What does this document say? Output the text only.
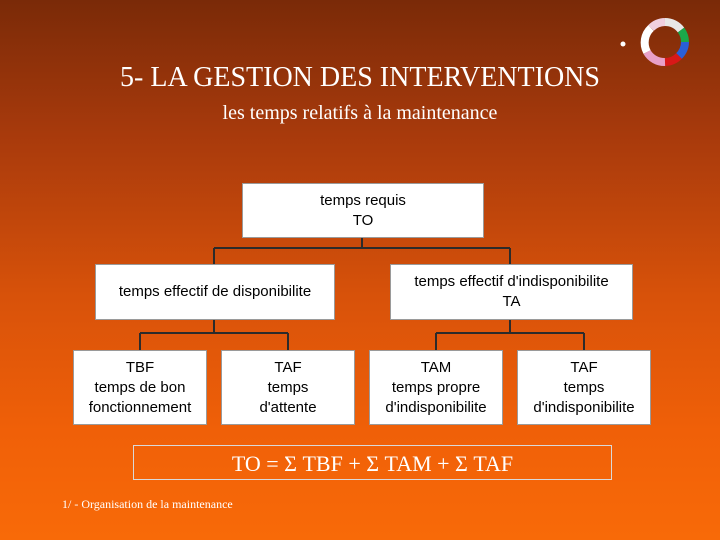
5- LA GESTION DES INTERVENTIONS
les temps relatifs à la maintenance
temps requis
TO
temps effectif de disponibilite
temps effectif d'indisponibilite
TA
TBF
temps de bon
fonctionnement
TAF
temps
d'attente
TAM
temps propre
d'indisponibilite
TAF
temps
d'indisponibilite
TO = Σ TBF + Σ TAM + Σ TAF
1/ - Organisation de la maintenance
